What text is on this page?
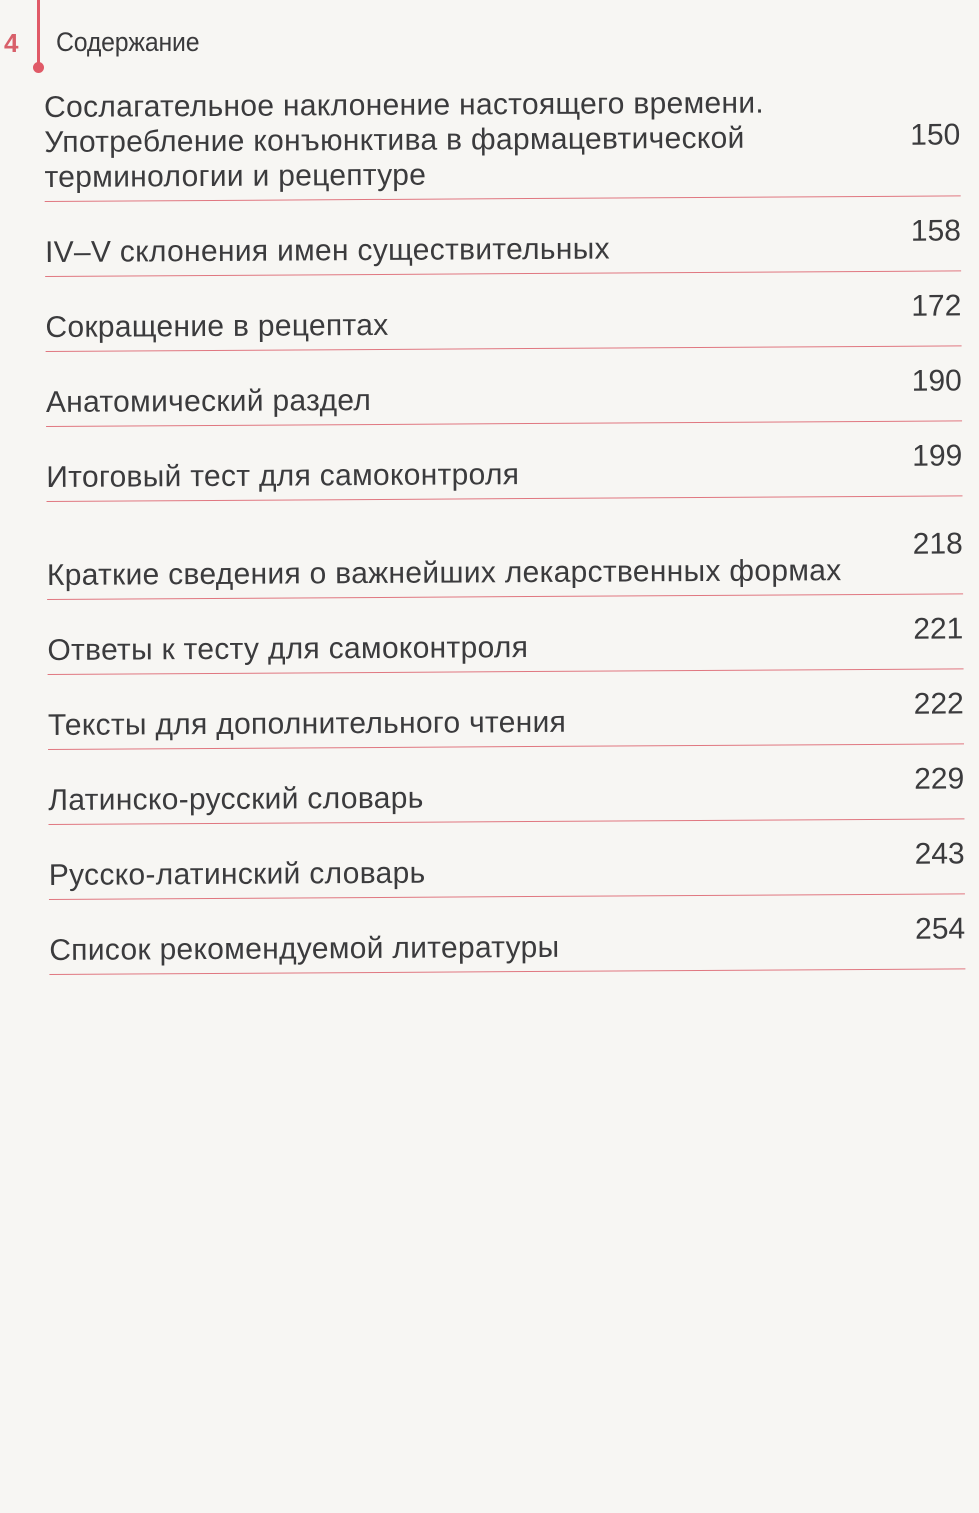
4 Содержание
Сослагательное наклонение настоящего времени. Употребление конъюнктива в фармацевтической терминологии и рецептуре
150
IV–V склонения имен существительных
158
Сокращение в рецептах
172
Анатомический раздел
190
Итоговый тест для самоконтроля
199
Краткие сведения о важнейших лекарственных формах
218
Ответы к тесту для самоконтроля
221
Тексты для дополнительного чтения
222
Латинско-русский словарь
229
Русско-латинский словарь
243
Список рекомендуемой литературы
254
